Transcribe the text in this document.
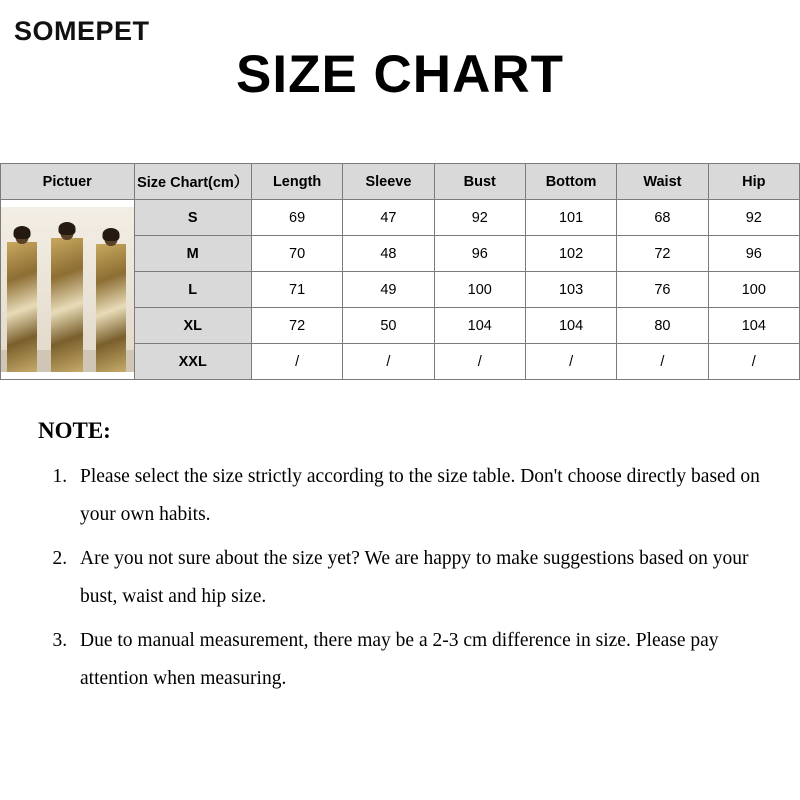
SOMEPET
SIZE CHART
Pictuer	Size Chart(cm）	Length	Sleeve	Bust	Bottom	Waist	Hip

	S	69	47	92	101	68	92
	M	70	48	96	102	72	96
	L	71	49	100	103	76	100
	XL	72	50	104	104	80	104
	XXL	/	/	/	/	/	/
NOTE:
1. Please select the size strictly according to the size table. Don't choose directly based on your own habits.
2. Are you not sure about the size yet? We are happy to make suggestions based on your bust, waist and hip size.
3. Due to manual measurement, there may be a 2-3 cm difference in size. Please pay attention when measuring.
